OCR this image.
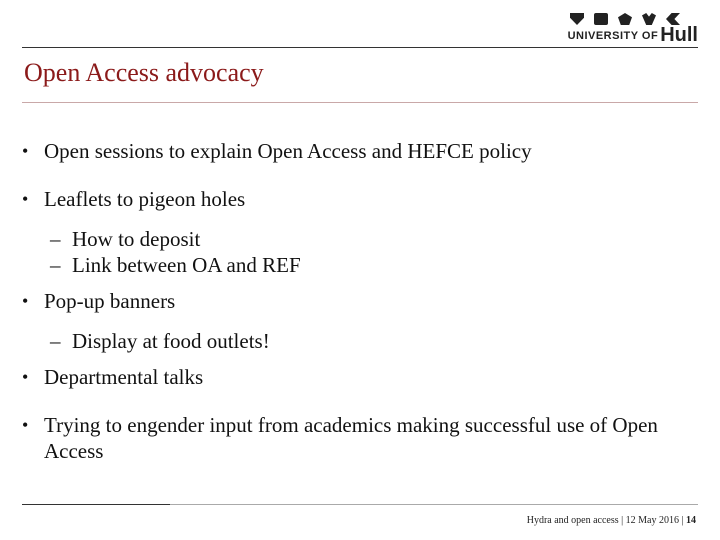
UNIVERSITY OF Hull
Open Access advocacy
• Open sessions to explain Open Access and HEFCE policy
• Leaflets to pigeon holes
– How to deposit
– Link between OA and REF
• Pop-up banners
– Display at food outlets!
• Departmental talks
• Trying to engender input from academics making successful use of Open Access
Hydra and open access | 12 May 2016 | 14
